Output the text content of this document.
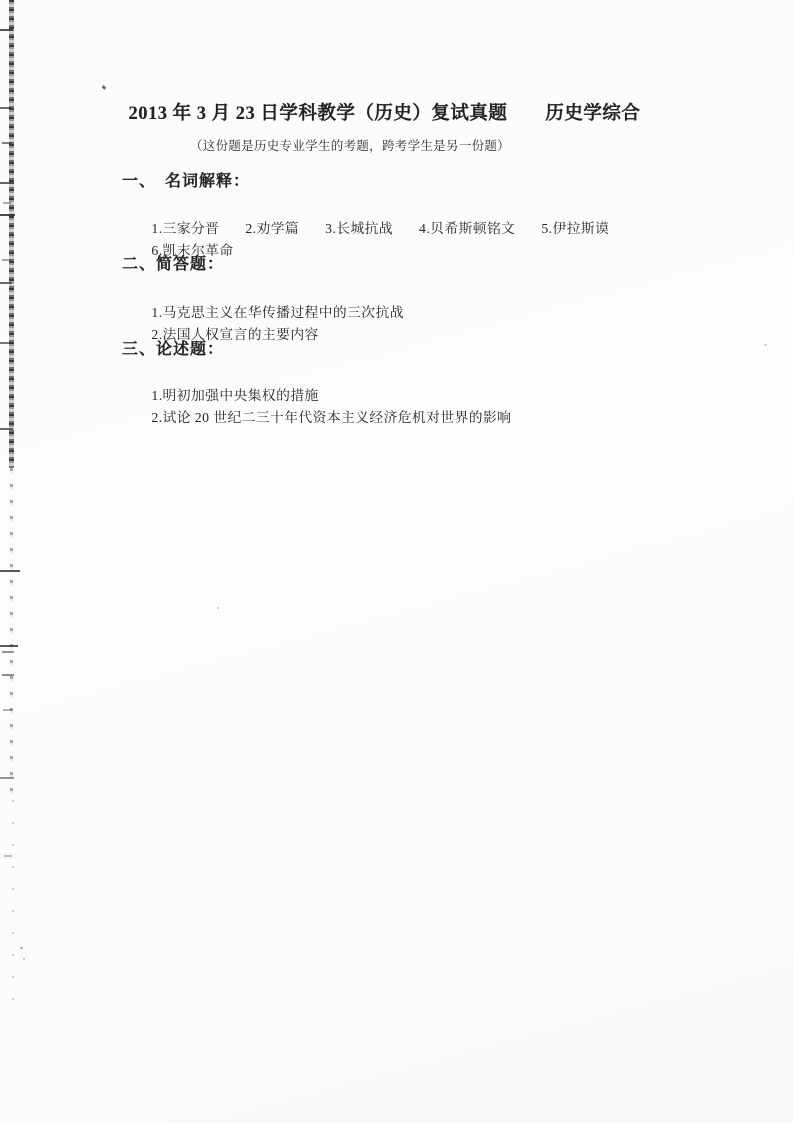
2013 年 3 月 23 日学科教学（历史）复试真题　　历史学综合
（这份题是历史专业学生的考题，跨考学生是另一份题）
一、　名词解释：

1.三家分晋 2.劝学篇 3.长城抗战 4.贝希斯顿铭文 5.伊拉斯谟

6.凯末尔革命

二、简答题：

1.马克思主义在华传播过程中的三次抗战

2.法国人权宣言的主要内容

三、论述题：

1.明初加强中央集权的措施

2.试论 20 世纪二三十年代资本主义经济危机对世界的影响
